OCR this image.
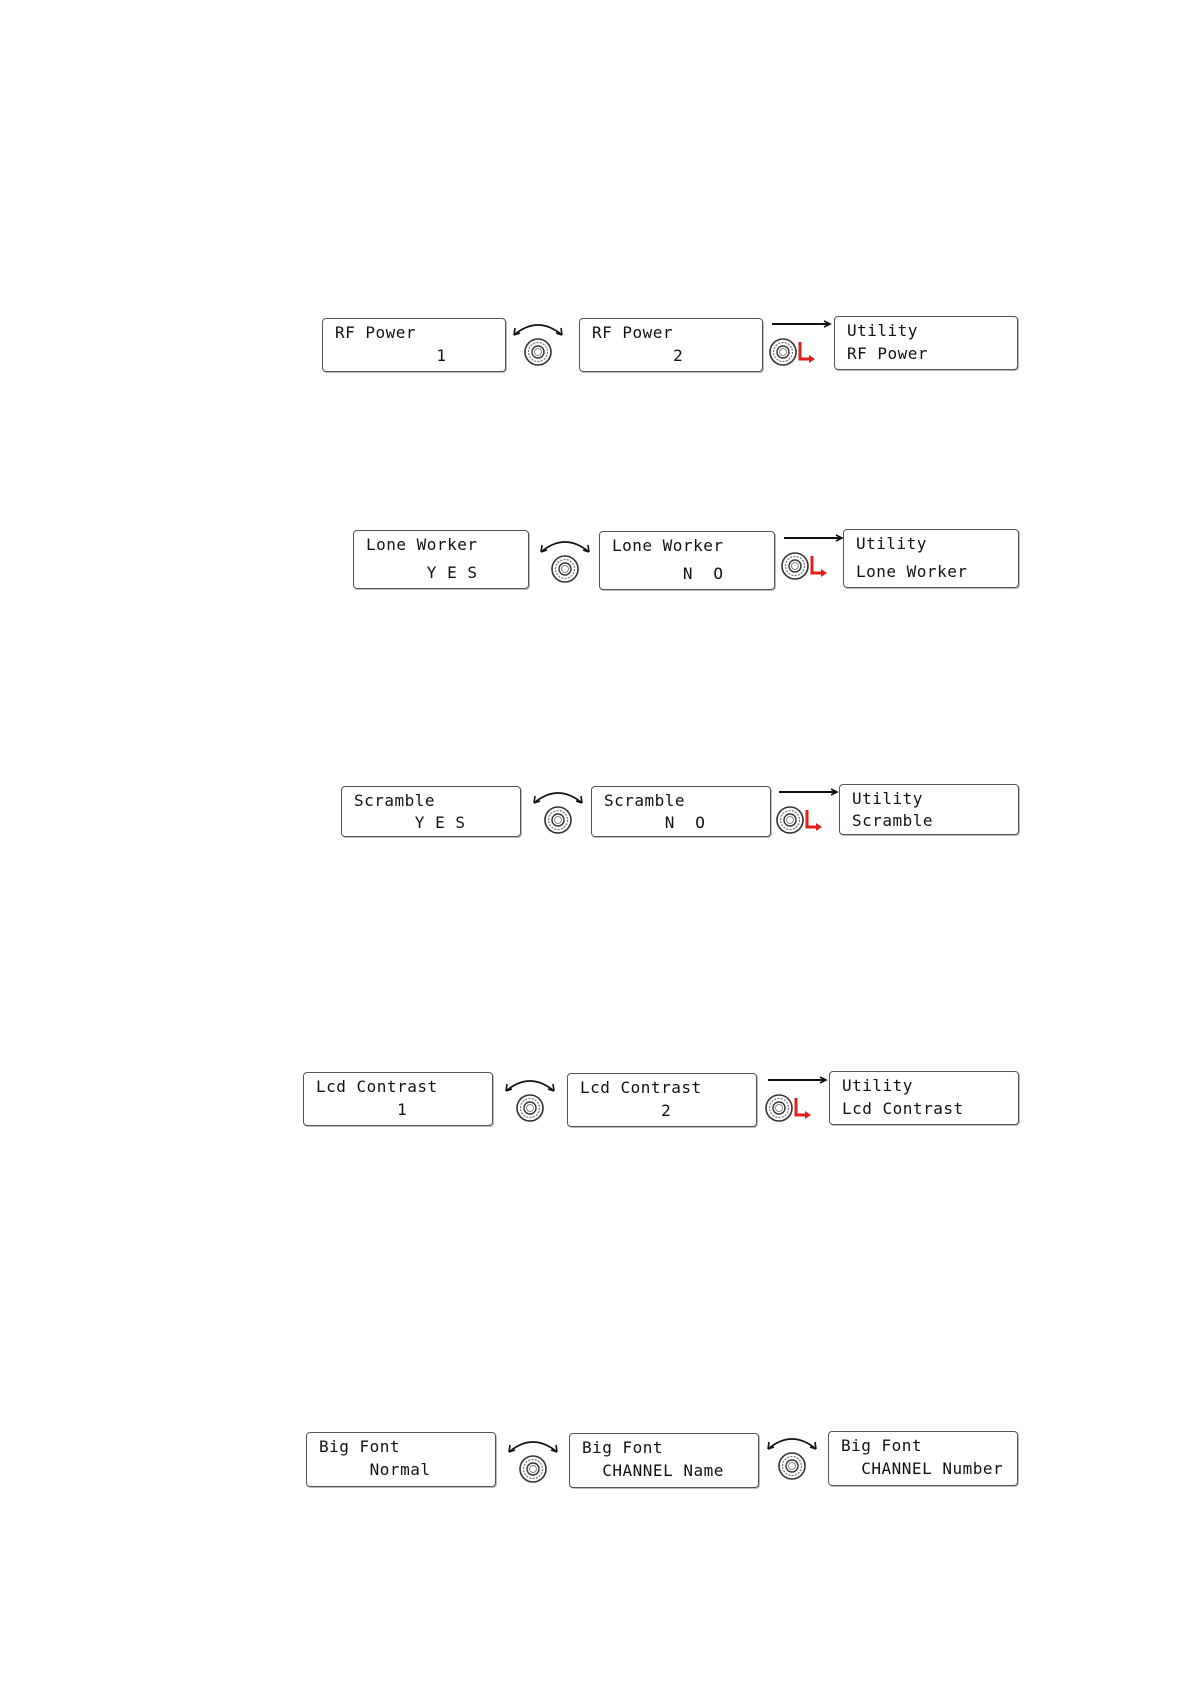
RF Power
1
RF Power
2
Utility
RF Power
Lone Worker
Y E S
Lone Worker
N  O
Utility
Lone Worker
Scramble
Y E S
Scramble
N  O
Utility
Scramble
Lcd Contrast
1
Lcd Contrast
2
Utility
Lcd Contrast
Big Font
Normal
Big Font
CHANNEL Name
Big Font
CHANNEL Number
